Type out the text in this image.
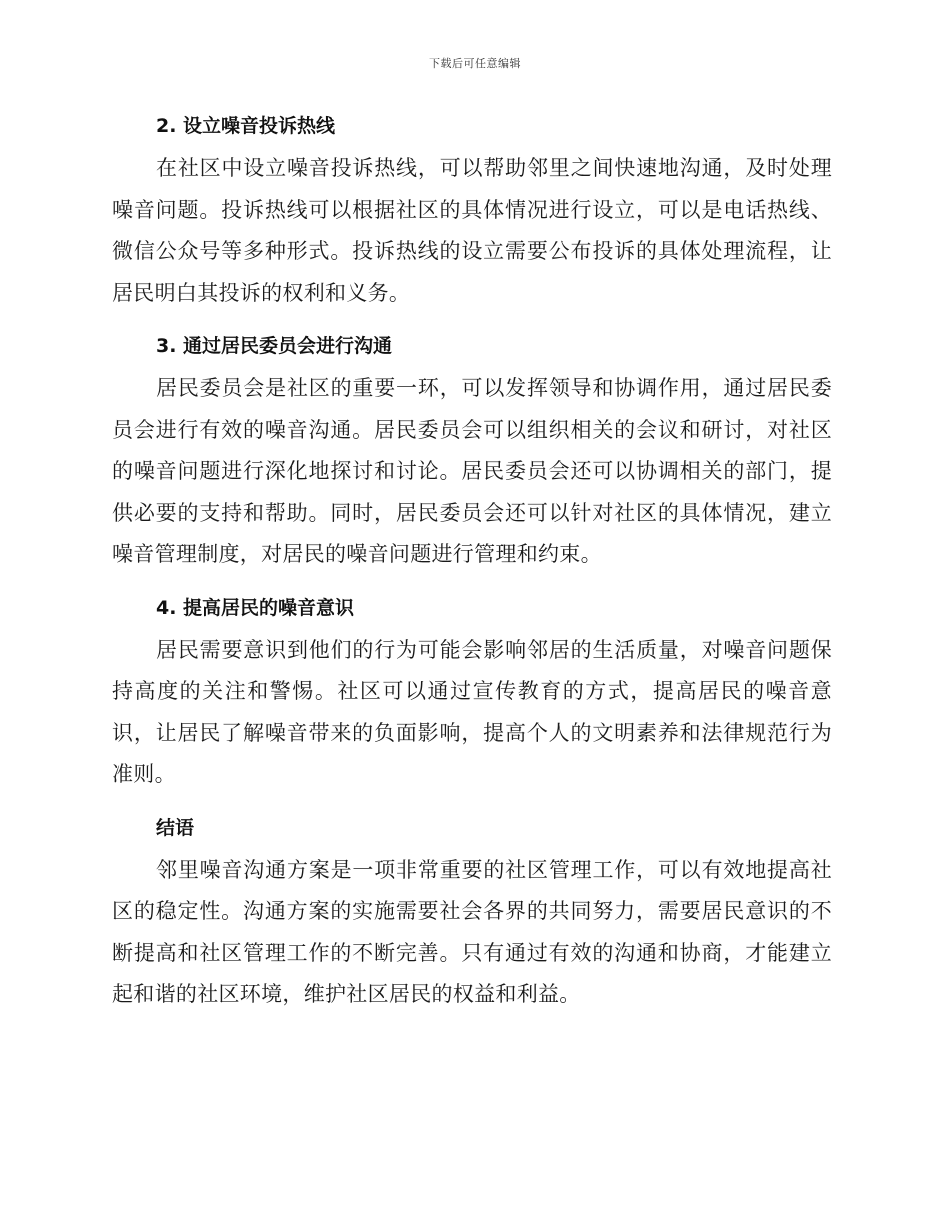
下载后可任意编辑
2. 设立噪音投诉热线

在社区中设立噪音投诉热线，可以帮助邻里之间快速地沟通，及时处理噪音问题。投诉热线可以根据社区的具体情况进行设立，可以是电话热线、微信公众号等多种形式。投诉热线的设立需要公布投诉的具体处理流程，让居民明白其投诉的权利和义务。

3. 通过居民委员会进行沟通

居民委员会是社区的重要一环，可以发挥领导和协调作用，通过居民委员会进行有效的噪音沟通。居民委员会可以组织相关的会议和研讨，对社区的噪音问题进行深化地探讨和讨论。居民委员会还可以协调相关的部门，提供必要的支持和帮助。同时，居民委员会还可以针对社区的具体情况，建立噪音管理制度，对居民的噪音问题进行管理和约束。

4. 提高居民的噪音意识

居民需要意识到他们的行为可能会影响邻居的生活质量，对噪音问题保持高度的关注和警惕。社区可以通过宣传教育的方式，提高居民的噪音意识，让居民了解噪音带来的负面影响，提高个人的文明素养和法律规范行为准则。

结语

邻里噪音沟通方案是一项非常重要的社区管理工作，可以有效地提高社区的稳定性。沟通方案的实施需要社会各界的共同努力，需要居民意识的不断提高和社区管理工作的不断完善。只有通过有效的沟通和协商，才能建立起和谐的社区环境，维护社区居民的权益和利益。
